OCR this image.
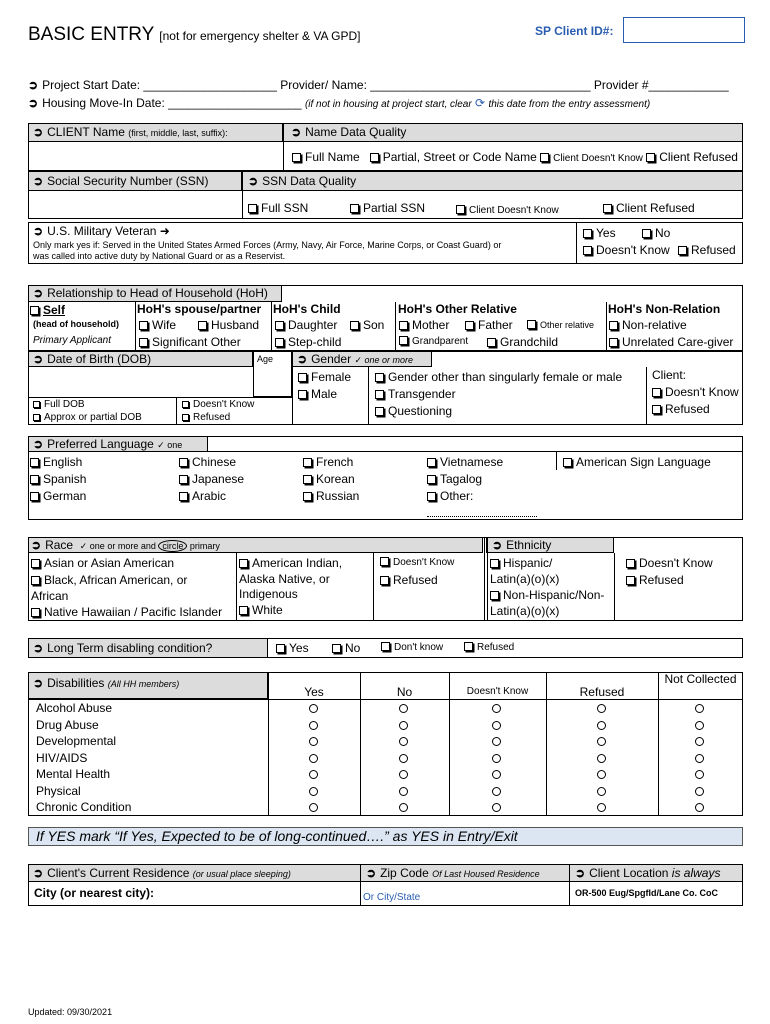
BASIC ENTRY [not for emergency shelter & VA GPD]	SP Client ID#:
➲ Project Start Date: ____________________ Provider/ Name: _________________________________ Provider #____________
➲ Housing Move-In Date: ____________________ (if not in housing at project start, clear ⟳ this date from the entry assessment)
➲ CLIENT Name (first, middle, last, suffix):	➲ Name Data Quality
Full Name Partial, Street or Code Name Client Doesn't Know Client Refused
➲ Social Security Number (SSN)	➲ SSN Data Quality
Full SSN	Partial SSN	Client Doesn't Know	Client Refused
➲ U.S. Military Veteran ➜
Only mark yes if: Served in the United States Armed Forces (Army, Navy, Air Force, Marine Corps, or Coast Guard) or
was called into active duty by National Guard or as a Reservist.
Yes	No
Doesn't Know	Refused
➲ Relationship to Head of Household (HoH)
Self
(head of household)
Primary Applicant
HoH's spouse/partner
Wife	Husband
Significant Other
HoH's Child
Daughter	Son
Step-child
HoH's Other Relative
Mother	Father	Other relative
Grandparent	Grandchild
HoH's Non-Relation
Non-relative
Unrelated Care-giver
➲ Date of Birth (DOB)	Age
Full DOB
Approx or partial DOB
Doesn't Know
Refused
➲ Gender ✓ one or more
Female
Male
Gender other than singularly female or male
Transgender
Questioning
Client:
Doesn't Know
Refused
➲ Preferred Language ✓ one
English
Spanish
German
Chinese
Japanese
Arabic
French
Korean
Russian
Vietnamese
Tagalog
Other:
American Sign Language
➲ Race ✓ one or more and circle primary
Asian or Asian American
Black, African American, or
African
Native Hawaiian / Pacific Islander
American Indian,
Alaska Native, or
Indigenous
White
Doesn't Know
Refused
➲ Ethnicity
Hispanic/
Latin(a)(o)(x)
Non-Hispanic/Non-
Latin(a)(o)(x)
Doesn't Know
Refused
➲ Long Term disabling condition?	Yes	No	Don't know	Refused
➲ Disabilities (All HH members)
Yes	No	Doesn't Know	Refused
Not Collected
Alcohol Abuse
Drug Abuse
Developmental
HIV/AIDS
Mental Health
Physical
Chronic Condition
If YES mark “If Yes, Expected to be of long-continued….” as YES in Entry/Exit
➲ Client's Current Residence (or usual place sleeping)	➲ Zip Code Of Last Housed Residence	➲ Client Location is always
City (or nearest city):	Or City/State	OR-500 Eug/Spgfld/Lane Co. CoC
Updated: 09/30/2021
